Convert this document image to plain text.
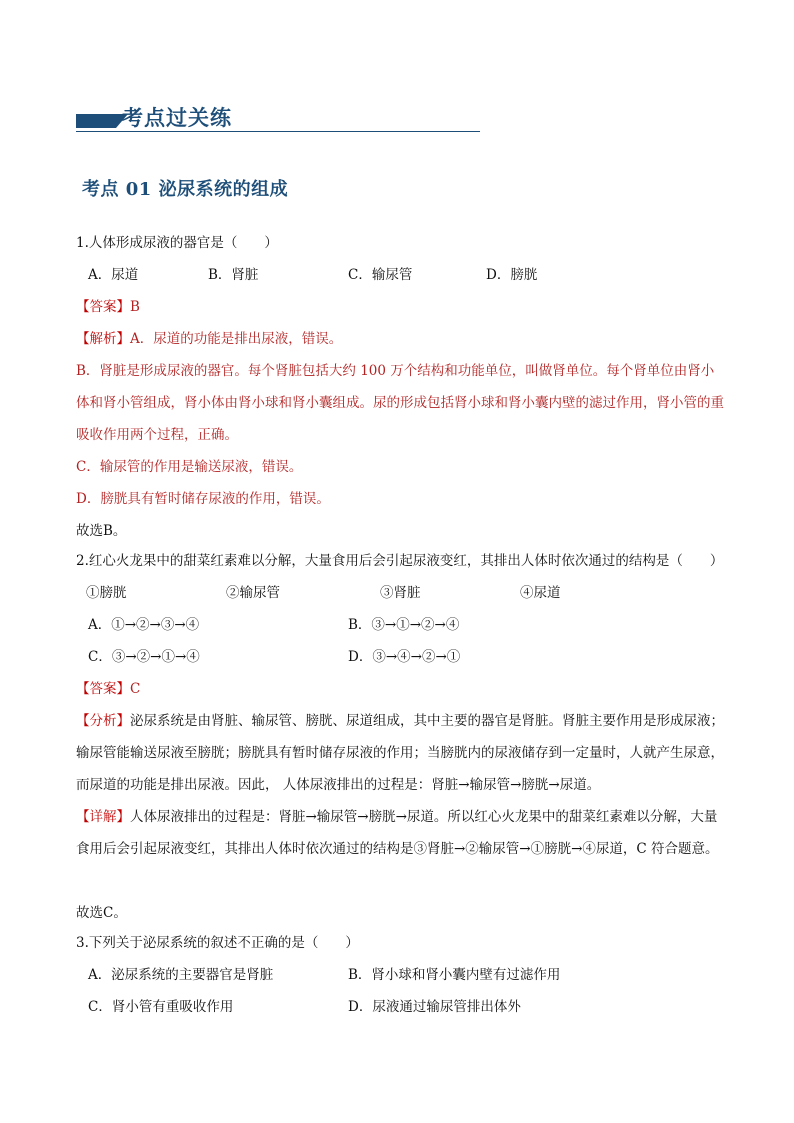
考点过关练
考点 01 泌尿系统的组成
1.人体形成尿液的器官是（　　）
A．尿道	B．肾脏	C．输尿管	D．膀胱
【答案】B
【解析】A．尿道的功能是排出尿液，错误。
B．肾脏是形成尿液的器官。每个肾脏包括大约 100 万个结构和功能单位，叫做肾单位。每个肾单位由肾小体和肾小管组成，肾小体由肾小球和肾小囊组成。尿的形成包括肾小球和肾小囊内壁的滤过作用，肾小管的重吸收作用两个过程，正确。
C．输尿管的作用是输送尿液，错误。
D．膀胱具有暂时储存尿液的作用，错误。
故选B。
2.红心火龙果中的甜菜红素难以分解，大量食用后会引起尿液变红，其排出人体时依次通过的结构是（　　）
①膀胱	②输尿管	③肾脏	④尿道
A．①→②→③→④	B．③→①→②→④
C．③→②→①→④	D．③→④→②→①
【答案】C
【分析】泌尿系统是由肾脏、输尿管、膀胱、尿道组成，其中主要的器官是肾脏。肾脏主要作用是形成尿液；输尿管能输送尿液至膀胱；膀胱具有暂时储存尿液的作用；当膀胱内的尿液储存到一定量时，人就产生尿意，而尿道的功能是排出尿液。因此， 人体尿液排出的过程是：肾脏→输尿管→膀胱→尿道。
【详解】人体尿液排出的过程是：肾脏→输尿管→膀胱→尿道。所以红心火龙果中的甜菜红素难以分解，大量食用后会引起尿液变红，其排出人体时依次通过的结构是③肾脏→②输尿管→①膀胱→④尿道，C 符合题意。
故选C。
3.下列关于泌尿系统的叙述不正确的是（　　）
A．泌尿系统的主要器官是肾脏	B．肾小球和肾小囊内壁有过滤作用
C．肾小管有重吸收作用	D．尿液通过输尿管排出体外
